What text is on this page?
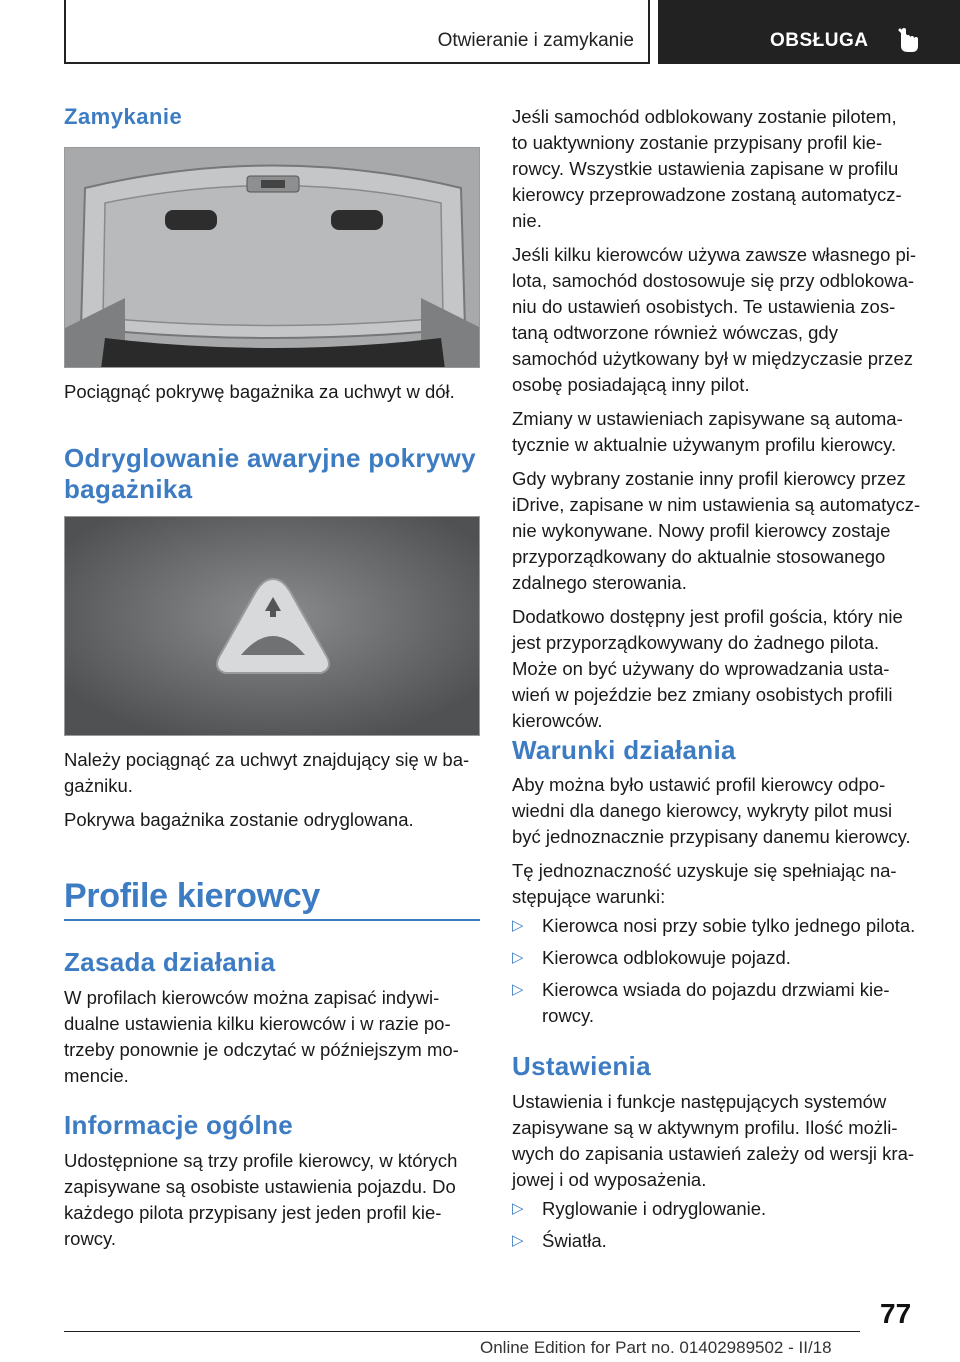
Otwieranie i zamykanie	OBSŁUGA
Zamykanie

Pociągnąć pokrywę bagażnika za uchwyt w dół.

Odryglowanie awaryjne pokrywy
bagażnika

Należy pociągnąć za uchwyt znajdujący się w ba‐

gażniku.

Pokrywa bagażnika zostanie odryglowana.

Profile kierowcy
Zasada działania

W profilach kierowców można zapisać indywi‐

dualne ustawienia kilku kierowców i w razie po‐

trzeby ponownie je odczytać w późniejszym mo‐

mencie.

Informacje ogólne

Udostępnione są trzy profile kierowcy, w których

zapisywane są osobiste ustawienia pojazdu. Do

każdego pilota przypisany jest jeden profil kie‐

rowcy.

Jeśli samochód odblokowany zostanie pilotem,

to uaktywniony zostanie przypisany profil kie‐

rowcy. Wszystkie ustawienia zapisane w profilu

kierowcy przeprowadzone zostaną automatycz‐

nie.

Jeśli kilku kierowców używa zawsze własnego pi‐

lota, samochód dostosowuje się przy odblokowa‐

niu do ustawień osobistych. Te ustawienia zos‐

taną odtworzone również wówczas, gdy

samochód użytkowany był w międzyczasie przez

osobę posiadającą inny pilot.

Zmiany w ustawieniach zapisywane są automa‐

tycznie w aktualnie używanym profilu kierowcy.

Gdy wybrany zostanie inny profil kierowcy przez

iDrive, zapisane w nim ustawienia są automatycz‐

nie wykonywane. Nowy profil kierowcy zostaje

przyporządkowany do aktualnie stosowanego

zdalnego sterowania.

Dodatkowo dostępny jest profil gościa, który nie

jest przyporządkowywany do żadnego pilota.

Może on być używany do wprowadzania usta‐

wień w pojeździe bez zmiany osobistych profili

kierowców.

Warunki działania

Aby można było ustawić profil kierowcy odpo‐

wiedni dla danego kierowcy, wykryty pilot musi

być jednoznacznie przypisany danemu kierowcy.

Tę jednoznaczność uzyskuje się spełniając na‐

stępujące warunki:

▷ Kierowca nosi przy sobie tylko jednego pilota.
▷ Kierowca odblokowuje pojazd.
▷ Kierowca wsiada do pojazdu drzwiami kie‐
rowcy.
Ustawienia

Ustawienia i funkcje następujących systemów

zapisywane są w aktywnym profilu. Ilość możli‐

wych do zapisania ustawień zależy od wersji kra‐

jowej i od wyposażenia.

▷ Ryglowanie i odryglowanie.
▷ Światła.
77
Online Edition for Part no. 01402989502 - II/18
